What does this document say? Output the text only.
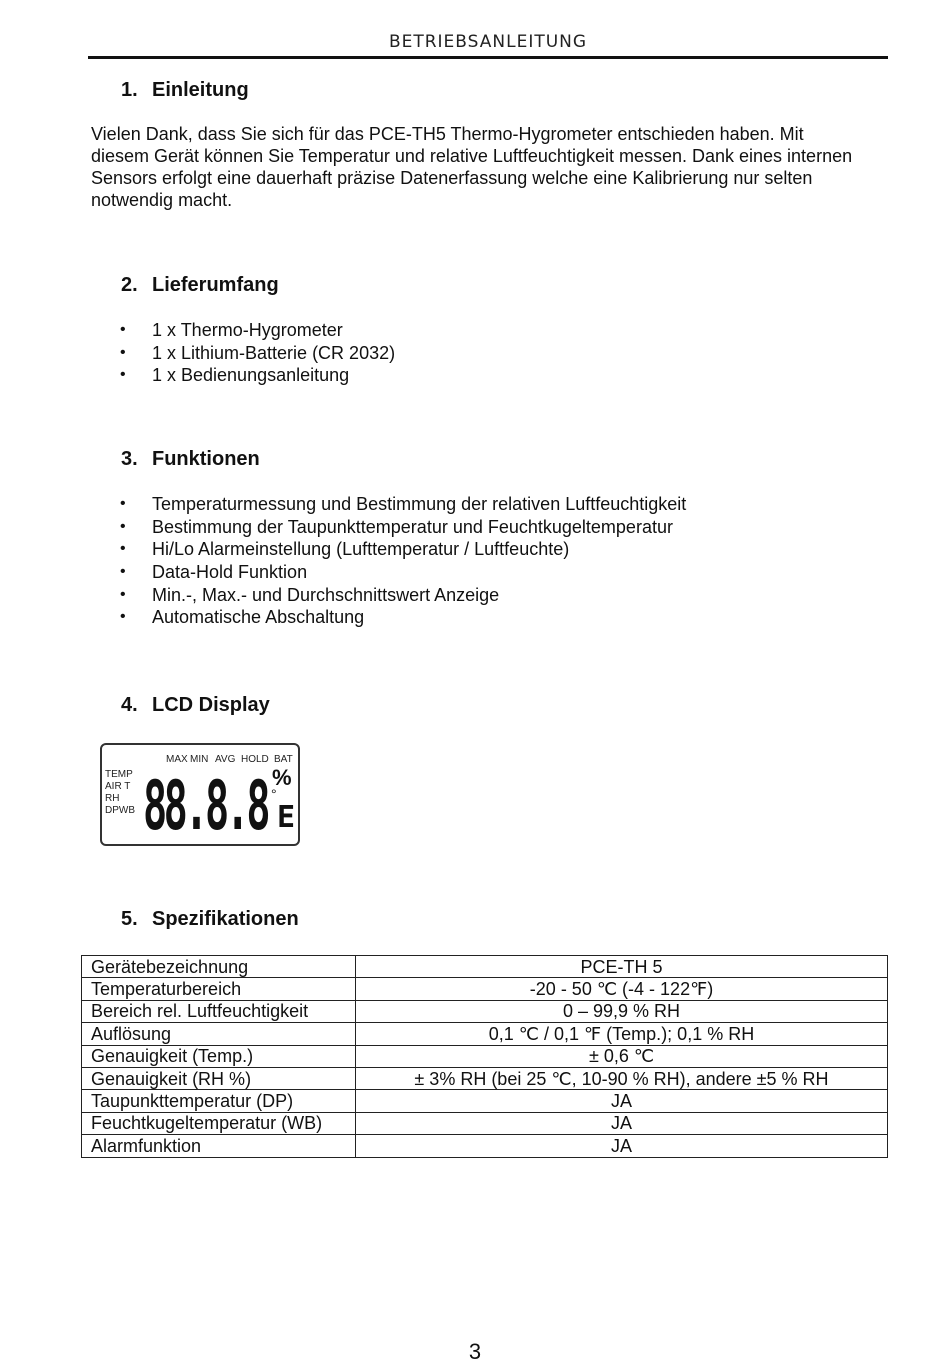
BETRIEBSANLEITUNG
1. Einleitung

Vielen Dank, dass Sie sich für das PCE-TH5 Thermo-Hygrometer entschieden haben. Mit
diesem Gerät können Sie Temperatur und relative Luftfeuchtigkeit messen. Dank eines internen
Sensors erfolgt eine dauerhaft präzise Datenerfassung welche eine Kalibrierung nur selten
notwendig macht.

2. Lieferumfang
• 1 x Thermo-Hygrometer
• 1 x Lithium-Batterie (CR 2032)
• 1 x Bedienungsanleitung
3. Funktionen
• Temperaturmessung und Bestimmung der relativen Luftfeuchtigkeit
• Bestimmung der Taupunkttemperatur und Feuchtkugeltemperatur
• Hi/Lo Alarmeinstellung (Lufttemperatur / Luftfeuchte)
• Data-Hold Funktion
• Min.-, Max.- und Durchschnittswert Anzeige
• Automatische Abschaltung
4. LCD Display
MAX MIN AVG HOLD BAT
TEMP
AIR T
RH
DPWB 88.8.8 %
°
E
5. Spezifikationen
Gerätebezeichnung	PCE-TH 5
Temperaturbereich	-20 - 50 ℃ (-4 - 122℉)
Bereich rel. Luftfeuchtigkeit	0 – 99,9 % RH
Auflösung	0,1 ℃ / 0,1 ℉ (Temp.); 0,1 % RH
Genauigkeit (Temp.)	± 0,6 ℃
Genauigkeit (RH %)	± 3% RH (bei 25 ℃, 10-90 % RH), andere ±5 % RH
Taupunkttemperatur (DP)	JA
Feuchtkugeltemperatur (WB)	JA
Alarmfunktion	JA
3
